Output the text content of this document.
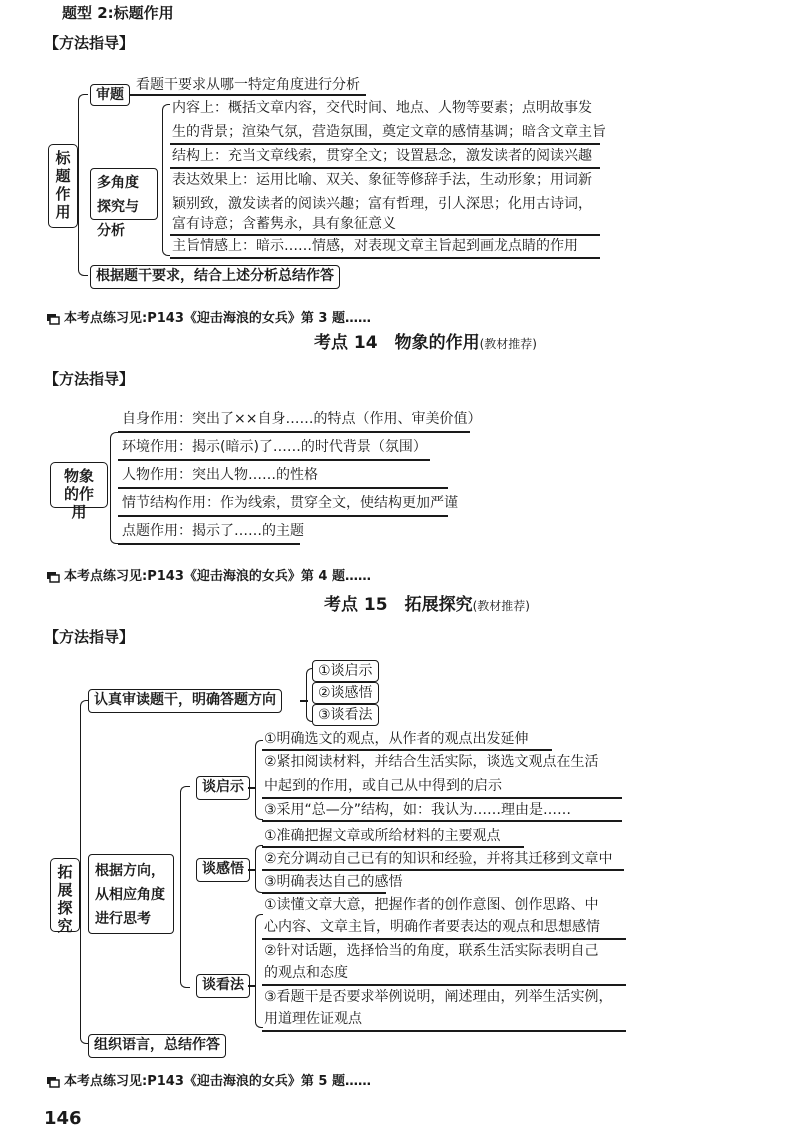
题型 2:标题作用
【方法指导】
标题作用
审题
看题干要求从哪一特定角度进行分析
多角度探究与分析
内容上：概括文章内容，交代时间、地点、人物等要素；点明故事发
生的背景；渲染气氛，营造氛围，奠定文章的感情基调；暗含文章主旨
结构上：充当文章线索，贯穿全文；设置悬念，激发读者的阅读兴趣
表达效果上：运用比喻、双关、象征等修辞手法，生动形象；用词新
颖别致，激发读者的阅读兴趣；富有哲理，引人深思；化用古诗词，
富有诗意；含蓄隽永，具有象征意义
主旨情感上：暗示……情感，对表现文章主旨起到画龙点睛的作用
根据题干要求，结合上述分析总结作答
本考点练习见:P143《迎击海浪的女兵》第 3 题……
考点 14　物象的作用(教材推荐)
【方法指导】
物象的作用
自身作用：突出了××自身……的特点（作用、审美价值）
环境作用：揭示(暗示)了……的时代背景（氛围）
人物作用：突出人物……的性格
情节结构作用：作为线索，贯穿全文，使结构更加严谨
点题作用：揭示了……的主题
本考点练习见:P143《迎击海浪的女兵》第 4 题……
考点 15　拓展探究(教材推荐)
【方法指导】
拓展探究
认真审读题干，明确答题方向
①谈启示
②谈感悟
③谈看法
根据方向，从相应角度进行思考
谈启示
①明确选文的观点，从作者的观点出发延伸
②紧扣阅读材料，并结合生活实际，谈选文观点在生活
中起到的作用，或自己从中得到的启示
③采用“总—分”结构，如：我认为……理由是……
谈感悟
①准确把握文章或所给材料的主要观点
②充分调动自己已有的知识和经验，并将其迁移到文章中
③明确表达自己的感悟
谈看法
①读懂文章大意，把握作者的创作意图、创作思路、中
心内容、文章主旨，明确作者要表达的观点和思想感情
②针对话题，选择恰当的角度，联系生活实际表明自己
的观点和态度
③看题干是否要求举例说明，阐述理由，列举生活实例，
用道理佐证观点
组织语言，总结作答
本考点练习见:P143《迎击海浪的女兵》第 5 题……
146
